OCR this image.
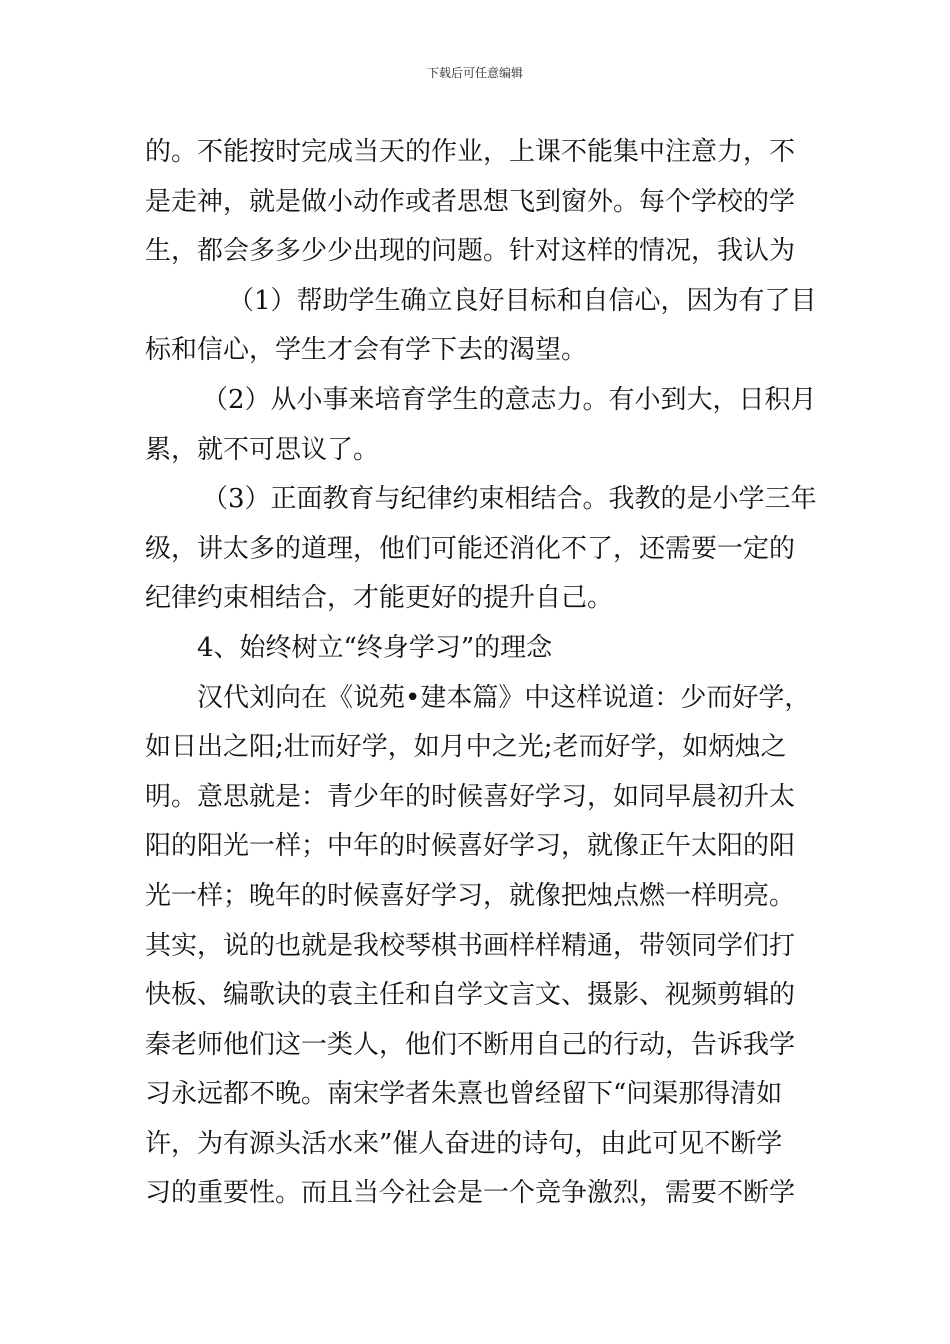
下载后可任意编辑
的。不能按时完成当天的作业，上课不能集中注意力，不
是走神，就是做小动作或者思想飞到窗外。每个学校的学
生，都会多多少少出现的问题。针对这样的情况，我认为
（1）帮助学生确立良好目标和自信心，因为有了目
标和信心，学生才会有学下去的渴望。
（2）从小事来培育学生的意志力。有小到大，日积月
累，就不可思议了。
（3）正面教育与纪律约束相结合。我教的是小学三年
级，讲太多的道理，他们可能还消化不了，还需要一定的
纪律约束相结合，才能更好的提升自己。
4、始终树立“终身学习”的理念
汉代刘向在《说苑•建本篇》中这样说道：少而好学，
如日出之阳;壮而好学，如月中之光;老而好学，如炳烛之
明。意思就是：青少年的时候喜好学习，如同早晨初升太
阳的阳光一样；中年的时候喜好学习，就像正午太阳的阳
光一样；晚年的时候喜好学习，就像把烛点燃一样明亮。
其实，说的也就是我校琴棋书画样样精通，带领同学们打
快板、编歌诀的袁主任和自学文言文、摄影、视频剪辑的
秦老师他们这一类人，他们不断用自己的行动，告诉我学
习永远都不晚。南宋学者朱熹也曾经留下“问渠那得清如
许，为有源头活水来”催人奋进的诗句，由此可见不断学
习的重要性。而且当今社会是一个竞争激烈，需要不断学
